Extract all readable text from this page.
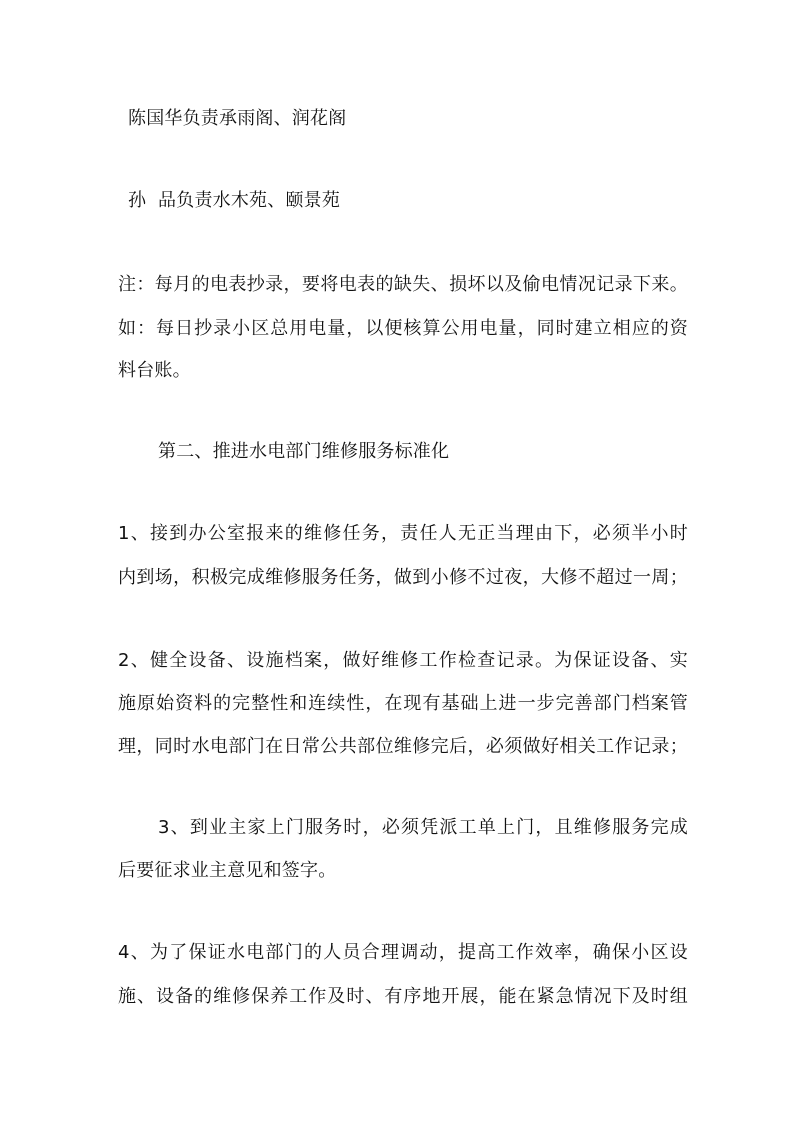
陈国华负责承雨阁、润花阁
孙  品负责水木苑、颐景苑
注：每月的电表抄录，要将电表的缺失、损坏以及偷电情况记录下来。
如：每日抄录小区总用电量，以便核算公用电量，同时建立相应的资
料台账。
第二、推进水电部门维修服务标准化
1、接到办公室报来的维修任务，责任人无正当理由下，必须半小时
内到场，积极完成维修服务任务，做到小修不过夜，大修不超过一周；
2、健全设备、设施档案，做好维修工作检查记录。为保证设备、实
施原始资料的完整性和连续性，在现有基础上进一步完善部门档案管
理，同时水电部门在日常公共部位维修完后，必须做好相关工作记录；
3、到业主家上门服务时，必须凭派工单上门，且维修服务完成
后要征求业主意见和签字。
4、为了保证水电部门的人员合理调动，提高工作效率，确保小区设
施、设备的维修保养工作及时、有序地开展，能在紧急情况下及时组
